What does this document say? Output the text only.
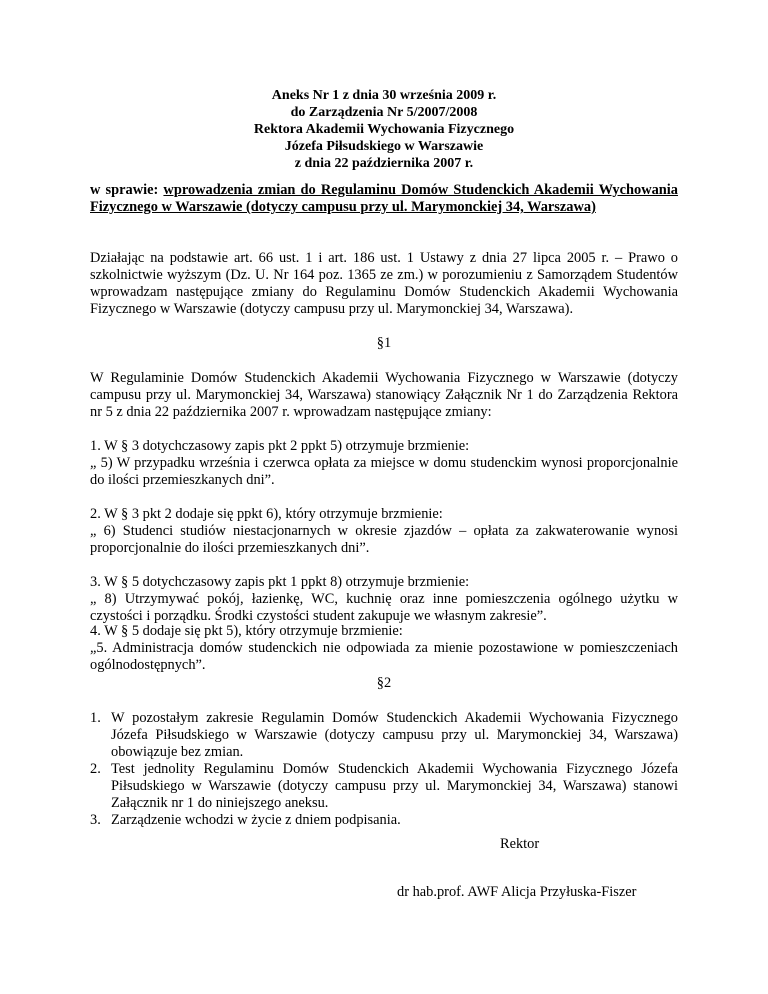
Aneks Nr 1 z dnia 30 września 2009 r.
do Zarządzenia Nr 5/2007/2008
Rektora Akademii Wychowania Fizycznego
Józefa Piłsudskiego w Warszawie
z dnia 22 października 2007 r.
w sprawie: wprowadzenia zmian do Regulaminu Domów Studenckich Akademii Wychowania Fizycznego w Warszawie (dotyczy campusu przy ul. Marymonckiej 34, Warszawa)
Działając na podstawie art. 66 ust. 1 i art. 186 ust. 1 Ustawy z dnia 27 lipca 2005 r. – Prawo o szkolnictwie wyższym (Dz. U. Nr 164 poz. 1365 ze zm.) w porozumieniu z Samorządem Studentów wprowadzam następujące zmiany do Regulaminu Domów Studenckich Akademii Wychowania Fizycznego w Warszawie (dotyczy campusu przy ul. Marymonckiej 34, Warszawa).
§1
W Regulaminie Domów Studenckich Akademii Wychowania Fizycznego w Warszawie (dotyczy campusu przy ul. Marymonckiej 34, Warszawa) stanowiący Załącznik Nr 1 do Zarządzenia Rektora nr 5 z dnia 22 października 2007 r. wprowadzam następujące zmiany:
1. W § 3 dotychczasowy zapis pkt 2 ppkt 5) otrzymuje brzmienie:
„ 5) W przypadku września i czerwca opłata za miejsce w domu studenckim wynosi proporcjonalnie do ilości przemieszkanych dni”.
2. W § 3 pkt 2 dodaje się ppkt 6), który otrzymuje brzmienie:
„ 6) Studenci studiów niestacjonarnych w okresie zjazdów – opłata za zakwaterowanie wynosi proporcjonalnie do ilości przemieszkanych dni”.
3. W § 5 dotychczasowy zapis pkt 1 ppkt 8) otrzymuje brzmienie:
„ 8) Utrzymywać pokój, łazienkę, WC, kuchnię oraz inne pomieszczenia ogólnego użytku w czystości i porządku. Środki czystości student zakupuje we własnym zakresie”.
4. W § 5 dodaje się pkt 5), który otrzymuje brzmienie:
„5. Administracja domów studenckich nie odpowiada za mienie pozostawione w pomieszczeniach ogólnodostępnych”.
§2
1. W pozostałym zakresie Regulamin Domów Studenckich Akademii Wychowania Fizycznego Józefa Piłsudskiego w Warszawie (dotyczy campusu przy ul. Marymonckiej 34, Warszawa) obowiązuje bez zmian.
2. Test jednolity Regulaminu Domów Studenckich Akademii Wychowania Fizycznego Józefa Piłsudskiego w Warszawie (dotyczy campusu przy ul. Marymonckiej 34, Warszawa) stanowi Załącznik nr 1 do niniejszego aneksu.
3. Zarządzenie wchodzi w życie z dniem podpisania.
Rektor
dr hab.prof. AWF Alicja Przyłuska-Fiszer
